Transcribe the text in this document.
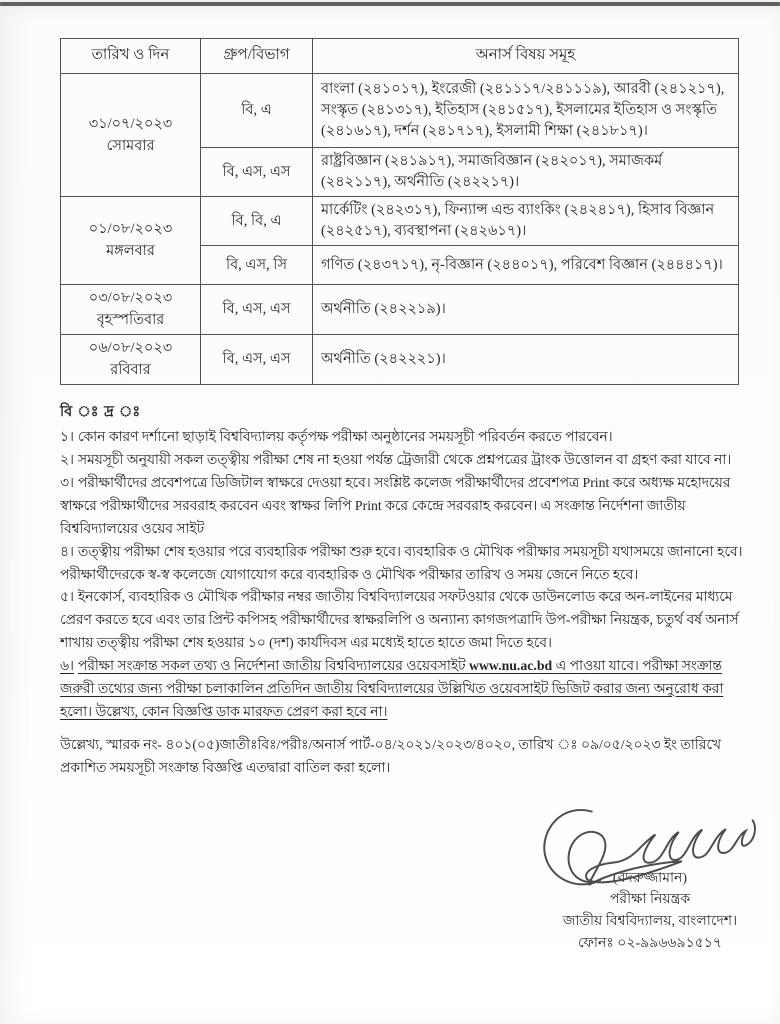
তারিখ ও দিন	গ্রুপ/বিভাগ	অনার্স বিষয় সমূহ

৩১/০৭/২০২৩
সোমবার	বি, এ	বাংলা (২৪১০১৭), ইংরেজী (২৪১১১৭/২৪১১১৯), আরবী (২৪১২১৭), সংস্কৃত (২৪১৩১৭), ইতিহাস (২৪১৫১৭), ইসলামের ইতিহাস ও সংস্কৃতি (২৪১৬১৭), দর্শন (২৪১৭১৭), ইসলামী শিক্ষা (২৪১৮১৭)।
	বি, এস, এস	রাষ্ট্রবিজ্ঞান (২৪১৯১৭), সমাজবিজ্ঞান (২৪২০১৭), সমাজকর্ম (২৪২১১৭), অর্থনীতি (২৪২২১৭)।

০১/০৮/২০২৩
মঙ্গলবার	বি, বি, এ	মার্কেটিং (২৪২৩১৭), ফিন্যান্স এন্ড ব্যাংকিং (২৪২৪১৭), হিসাব বিজ্ঞান (২৪২৫১৭), ব্যবস্থাপনা (২৪২৬১৭)।
	বি, এস, সি	গণিত (২৪৩৭১৭), নৃ-বিজ্ঞান (২৪৪০১৭), পরিবেশ বিজ্ঞান (২৪৪৪১৭)।

০৩/০৮/২০২৩
বৃহস্পতিবার	বি, এস, এস	অর্থনীতি (২৪২২১৯)।

০৬/০৮/২০২৩
রবিবার	বি, এস, এস	অর্থনীতি (২৪২২২১)।
বি ঃ দ্র ঃ
১। কোন কারণ দর্শানো ছাড়াই বিশ্ববিদ্যালয় কর্তৃপক্ষ পরীক্ষা অনুষ্ঠানের সময়সূচী পরিবর্তন করতে পারবেন।
২। সময়সূচী অনুযায়ী সকল তত্ত্বীয় পরীক্ষা শেষ না হওয়া পর্যন্ত ট্রেজারী থেকে প্রশ্নপত্রের ট্রাংক উত্তোলন বা গ্রহণ করা যাবে না।
৩। পরীক্ষার্থীদের প্রবেশপত্রে ডিজিটাল স্বাক্ষরে দেওয়া হবে। সংশ্লিষ্ট কলেজ পরীক্ষার্থীদের প্রবেশপত্র Print করে অধ্যক্ষ মহোদয়ের স্বাক্ষরে পরীক্ষার্থীদের সরবরাহ করবেন এবং স্বাক্ষর লিপি Print করে কেন্দ্রে সরবরাহ করবেন। এ সংক্রান্ত নির্দেশনা জাতীয় বিশ্ববিদ্যালয়ের ওয়েব সাইট
৪। তত্ত্বীয় পরীক্ষা শেষ হওয়ার পরে ব্যবহারিক পরীক্ষা শুরু হবে। ব্যবহারিক ও মৌখিক পরীক্ষার সময়সূচী যথাসময়ে জানানো হবে। পরীক্ষার্থীদেরকে স্ব-স্ব কলেজে যোগাযোগ করে ব্যবহারিক ও মৌখিক পরীক্ষার তারিখ ও সময় জেনে নিতে হবে।
৫। ইনকোর্স, ব্যবহারিক ও মৌখিক পরীক্ষার নম্বর জাতীয় বিশ্ববিদ্যালয়ের সফটওয়ার থেকে ডাউনলোড করে অন-লাইনের মাধ্যমে প্রেরণ করতে হবে এবং তার প্রিন্ট কপিসহ পরীক্ষার্থীদের স্বাক্ষরলিপি ও অন্যান্য কাগজপত্রাদি উপ-পরীক্ষা নিয়ন্ত্রক, চতুর্থ বর্ষ অনার্স শাখায় তত্ত্বীয় পরীক্ষা শেষ হওয়ার ১০ (দশ) কার্যদিবস এর মধ্যেই হাতে হাতে জমা দিতে হবে।
৬। পরীক্ষা সংক্রান্ত সকল তথ্য ও নির্দেশনা জাতীয় বিশ্ববিদ্যালয়ের ওয়েবসাইট www.nu.ac.bd এ পাওয়া যাবে। পরীক্ষা সংক্রান্ত জরুরী তথ্যের জন্য পরীক্ষা চলাকালিন প্রতিদিন জাতীয় বিশ্ববিদ্যালয়ের উল্লিখিত ওয়েবসাইট ভিজিট করার জন্য অনুরোধ করা হলো। উল্লেখ্য, কোন বিজ্ঞপ্তি ডাক মারফত প্রেরণ করা হবে না।
উল্লেখ্য, স্মারক নং- ৪০১(০৫)জাতীঃবিঃ/পরীঃ/অনার্স পার্ট-০৪/২০২১/২০২৩/৪০২০, তারিখ ঃ ০৯/০৫/২০২৩ ইং তারিখে প্রকাশিত সময়সূচী সংক্রান্ত বিজ্ঞপ্তি এতদ্বারা বাতিল করা হলো।
(বদরুজ্জামান)
পরীক্ষা নিয়ন্ত্রক
জাতীয় বিশ্ববিদ্যালয়, বাংলাদেশ।
ফোনঃ ০২-৯৯৬৬৯১৫১৭
